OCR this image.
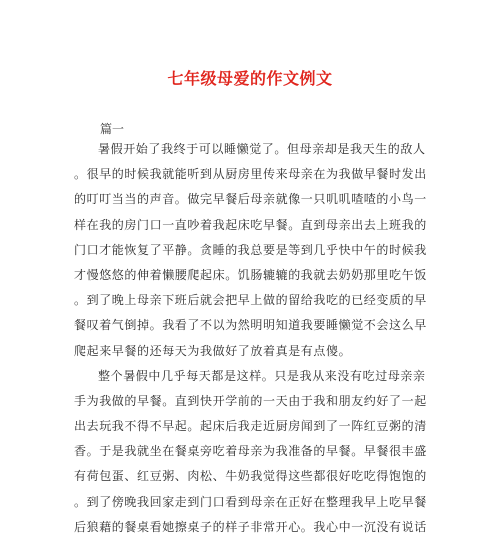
七年级母爱的作文例文

篇一

暑假开始了我终于可以睡懒觉了。但母亲却是我天生的敌人
。很早的时候我就能听到从厨房里传来母亲在为我做早餐时发出
的叮叮当当的声音。做完早餐后母亲就像一只叽叽喳喳的小鸟一
样在我的房门口一直吵着我起床吃早餐。直到母亲出去上班我的
门口才能恢复了平静。贪睡的我总要是等到几乎快中午的时候我
才慢悠悠的伸着懒腰爬起床。饥肠辘辘的我就去奶奶那里吃午饭
。到了晚上母亲下班后就会把早上做的留给我吃的已经变质的早
餐叹着气倒掉。我看了不以为然明明知道我要睡懒觉不会这么早
爬起来早餐的还每天为我做好了放着真是有点傻。
整个暑假中几乎每天都是这样。只是我从来没有吃过母亲亲
手为我做的早餐。直到快开学前的一天由于我和朋友约好了一起
出去玩我不得不早起。起床后我走近厨房闻到了一阵红豆粥的清
香。于是我就坐在餐桌旁吃着母亲为我准备的早餐。早餐很丰盛
有荷包蛋、红豆粥、肉松、牛奶我觉得这些都很好吃吃得饱饱的
。到了傍晚我回家走到门口看到母亲在正好在整理我早上吃早餐
后狼藉的餐桌看她擦桌子的样子非常开心。我心中一沉没有说话
